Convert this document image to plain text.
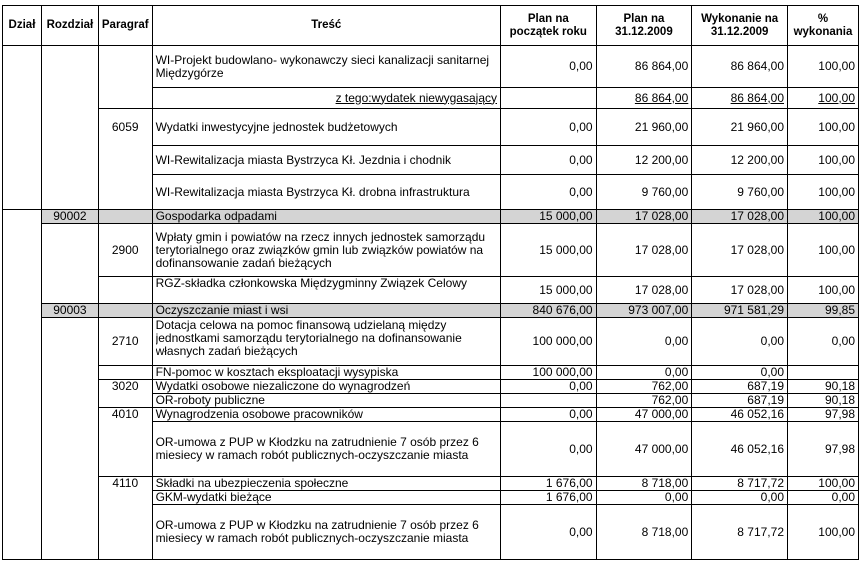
Dział	Rozdział	Paragraf	Treść	Plan na początek roku	Plan na 31.12.2009	Wykonanie na 31.12.2009	% wykonania
			WI-Projekt budowlano- wykonawczy sieci kanalizacji sanitarnej Międzygórze	0,00	86 864,00	86 864,00	100,00
			z tego:wydatek niewygasający		86 864,00	86 864,00	100,00
		6059	Wydatki inwestycyjne jednostek budżetowych	0,00	21 960,00	21 960,00	100,00
			WI-Rewitalizacja miasta Bystrzyca Kł. Jezdnia i chodnik	0,00	12 200,00	12 200,00	100,00
			WI-Rewitalizacja miasta Bystrzyca Kł. drobna infrastruktura	0,00	9 760,00	9 760,00	100,00
	90002		Gospodarka odpadami	15 000,00	17 028,00	17 028,00	100,00
		2900	Wpłaty gmin i powiatów na rzecz innych jednostek samorządu terytorialnego oraz związków gmin lub związków powiatów na dofinansowanie zadań bieżących	15 000,00	17 028,00	17 028,00	100,00

			RGZ-składka członkowska Międzygminny Związek Celowy	15 000,00	17 028,00	17 028,00	100,00
	90003		Oczyszczanie miast i wsi	840 676,00	973 007,00	971 581,29	99,85
		2710	Dotacja celowa na pomoc finansową udzielaną między jednostkami samorządu terytorialnego na dofinansowanie własnych zadań bieżących	100 000,00	0,00	0,00	0,00
			FN-pomoc w kosztach eksploatacji wysypiska	100 000,00	0,00	0,00	
		3020	Wydatki osobowe niezaliczone do wynagrodzeń	0,00	762,00	687,19	90,18
			OR-roboty publiczne		762,00	687,19	90,18
		4010	Wynagrodzenia osobowe pracowników	0,00	47 000,00	46 052,16	97,98
			OR-umowa z PUP w Kłodzku na zatrudnienie 7 osób przez 6 miesiecy w ramach robót publicznych-oczyszczanie miasta	0,00	47 000,00	46 052,16	97,98
		4110	Składki na ubezpieczenia społeczne	1 676,00	8 718,00	8 717,72	100,00
			GKM-wydatki bieżące	1 676,00	0,00	0,00	0,00
			OR-umowa z PUP w Kłodzku na zatrudnienie 7 osób przez 6 miesiecy w ramach robót publicznych-oczyszczanie miasta	0,00	8 718,00	8 717,72	100,00
